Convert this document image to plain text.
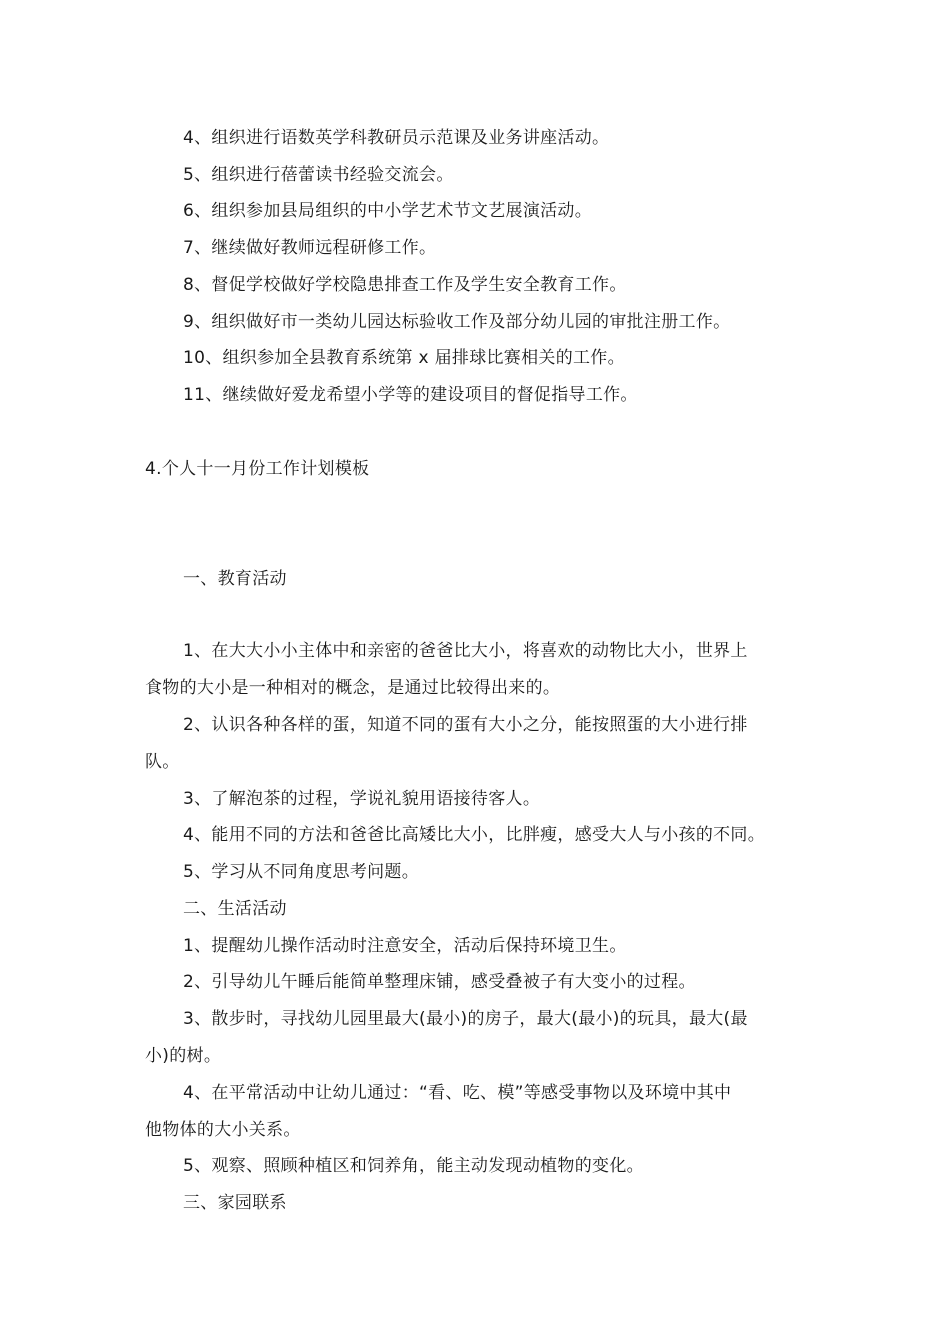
4、组织进行语数英学科教研员示范课及业务讲座活动。
5、组织进行蓓蕾读书经验交流会。
6、组织参加县局组织的中小学艺术节文艺展演活动。
7、继续做好教师远程研修工作。
8、督促学校做好学校隐患排查工作及学生安全教育工作。
9、组织做好市一类幼儿园达标验收工作及部分幼儿园的审批注册工作。
10、组织参加全县教育系统第 x 届排球比赛相关的工作。
11、继续做好爱龙希望小学等的建设项目的督促指导工作。
4.个人十一月份工作计划模板
一、教育活动
1、在大大小小主体中和亲密的爸爸比大小，将喜欢的动物比大小，世界上
食物的大小是一种相对的概念，是通过比较得出来的。
2、认识各种各样的蛋，知道不同的蛋有大小之分，能按照蛋的大小进行排
队。
3、了解泡茶的过程，学说礼貌用语接待客人。
4、能用不同的方法和爸爸比高矮比大小，比胖瘦，感受大人与小孩的不同。
5、学习从不同角度思考问题。
二、生活活动
1、提醒幼儿操作活动时注意安全，活动后保持环境卫生。
2、引导幼儿午睡后能简单整理床铺，感受叠被子有大变小的过程。
3、散步时，寻找幼儿园里最大(最小)的房子，最大(最小)的玩具，最大(最
小)的树。
4、在平常活动中让幼儿通过：“看、吃、模”等感受事物以及环境中其中
他物体的大小关系。
5、观察、照顾种植区和饲养角，能主动发现动植物的变化。
三、家园联系
